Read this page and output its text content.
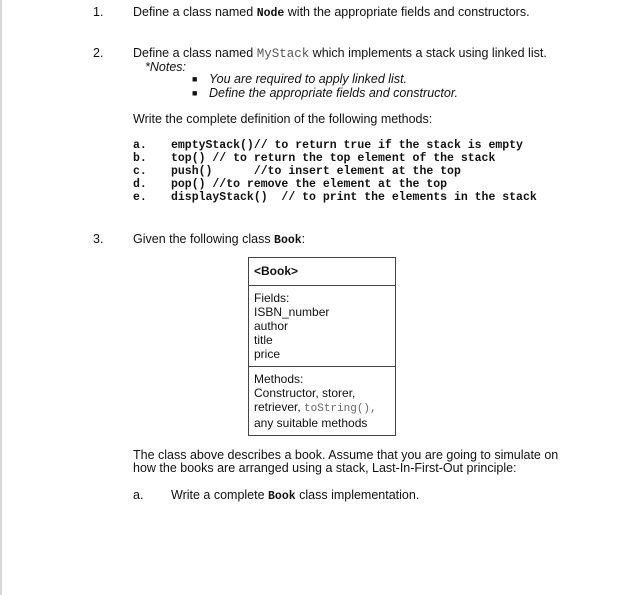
1. Define a class named Node with the appropriate fields and constructors.
2. Define a class named MyStack which implements a stack using linked list.
*Notes:
■ You are required to apply linked list.
■ Define the appropriate fields and constructor.
Write the complete definition of the following methods:
a. emptyStack()// to return true if the stack is empty
b. top() // to return the top element of the stack
c. push()      //to insert element at the top
d. pop() //to remove the element at the top
e. displayStack()  // to print the elements in the stack
3. Given the following class Book:
<Book>
Fields:
ISBN_number
author
title
price
Methods:
Constructor, storer,
retriever, toString(),
any suitable methods
The class above describes a book. Assume that you are going to simulate on
how the books are arranged using a stack, Last-In-First-Out principle:
a. Write a complete Book class implementation.
